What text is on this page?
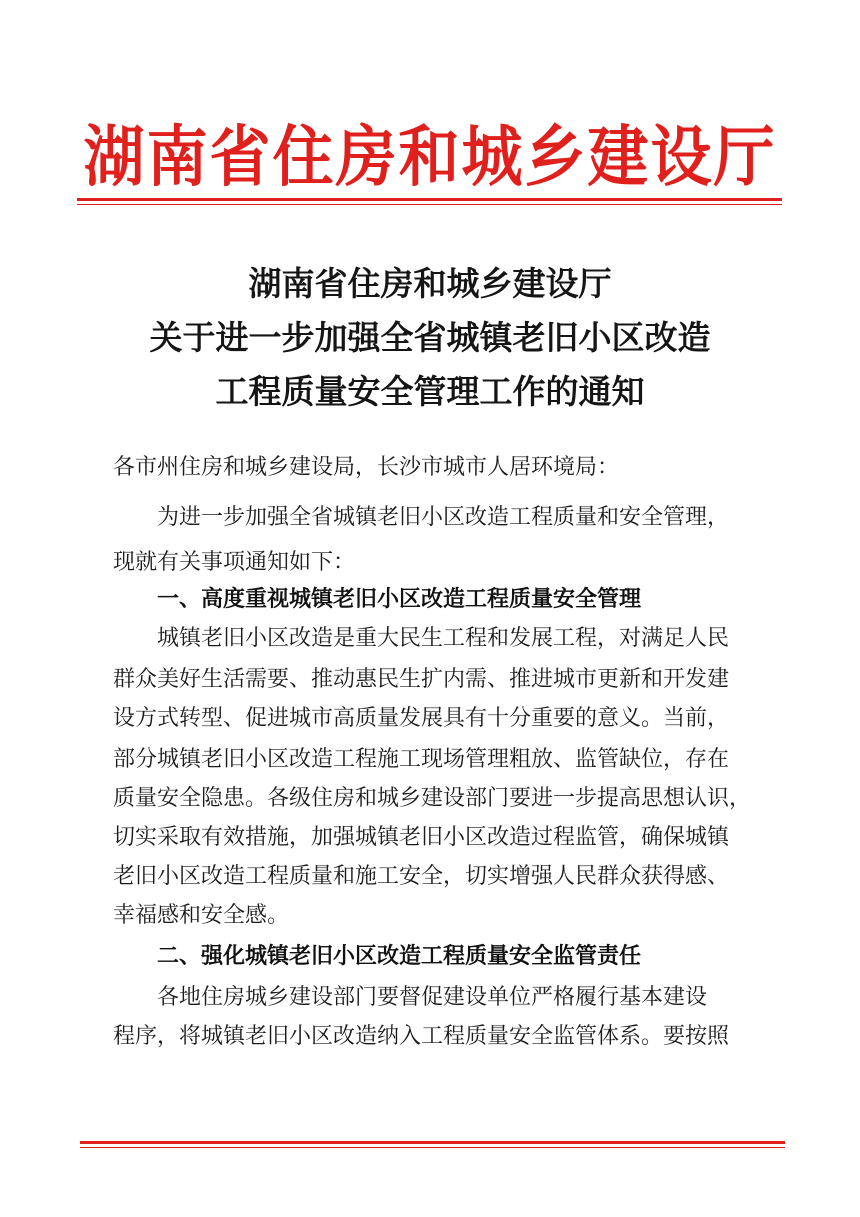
湖南省住房和城乡建设厅
湖南省住房和城乡建设厅
关于进一步加强全省城镇老旧小区改造
工程质量安全管理工作的通知
各市州住房和城乡建设局，长沙市城市人居环境局：
为进一步加强全省城镇老旧小区改造工程质量和安全管理，
现就有关事项通知如下：
一、高度重视城镇老旧小区改造工程质量安全管理
城镇老旧小区改造是重大民生工程和发展工程，对满足人民
群众美好生活需要、推动惠民生扩内需、推进城市更新和开发建
设方式转型、促进城市高质量发展具有十分重要的意义。当前，
部分城镇老旧小区改造工程施工现场管理粗放、监管缺位，存在
质量安全隐患。各级住房和城乡建设部门要进一步提高思想认识，
切实采取有效措施，加强城镇老旧小区改造过程监管，确保城镇
老旧小区改造工程质量和施工安全，切实增强人民群众获得感、
幸福感和安全感。
二、强化城镇老旧小区改造工程质量安全监管责任
各地住房城乡建设部门要督促建设单位严格履行基本建设
程序，将城镇老旧小区改造纳入工程质量安全监管体系。要按照
